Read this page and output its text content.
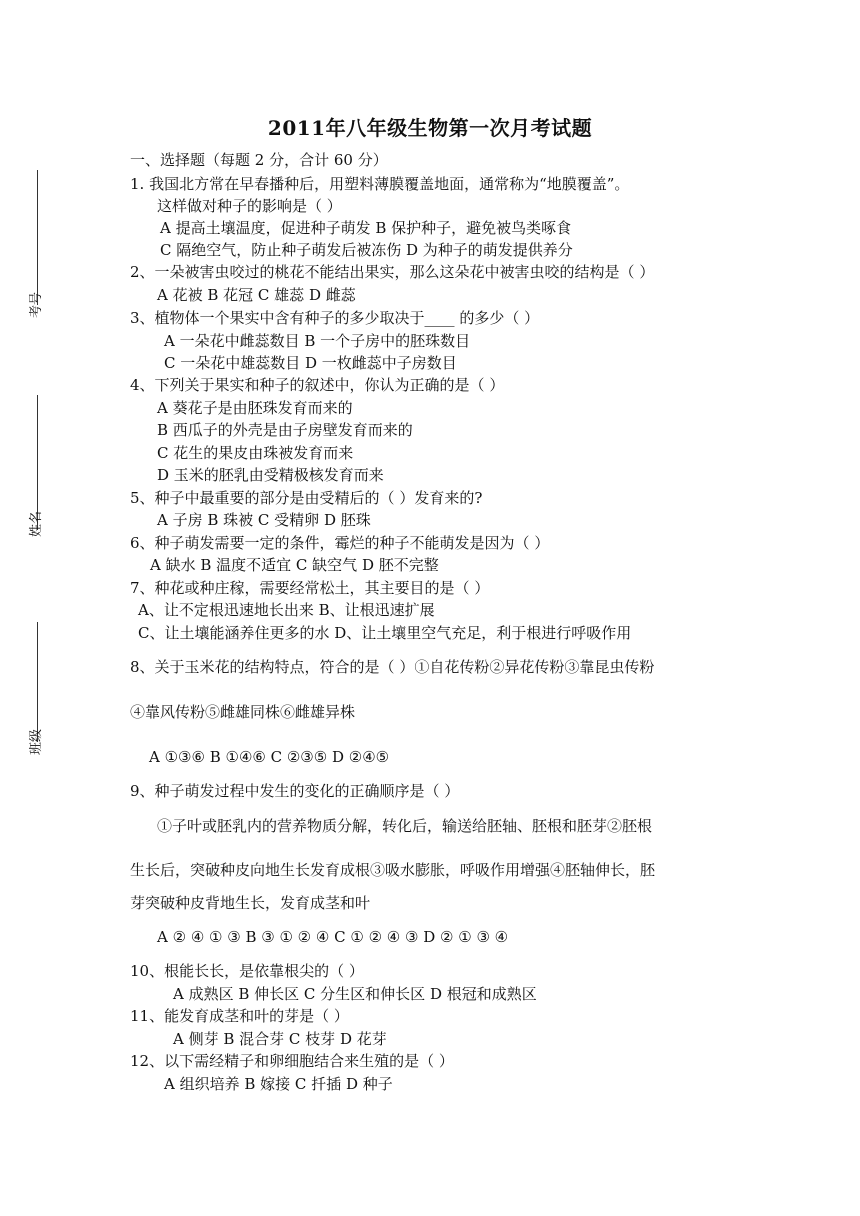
考号
姓名
班级
2011年八年级生物第一次月考试题
一、选择题（每题 2 分，合计 60 分）
1. 我国北方常在早春播种后，用塑料薄膜覆盖地面，通常称为“地膜覆盖”。
这样做对种子的影响是（ ）
A 提高土壤温度，促进种子萌发 B 保护种子，避免被鸟类啄食
C 隔绝空气，防止种子萌发后被冻伤 D 为种子的萌发提供养分
2、一朵被害虫咬过的桃花不能结出果实，那么这朵花中被害虫咬的结构是（ ）
A 花被 B 花冠 C 雄蕊 D 雌蕊
3、植物体一个果实中含有种子的多少取决于____ 的多少（ ）
A 一朵花中雌蕊数目 B 一个子房中的胚珠数目
C 一朵花中雄蕊数目 D 一枚雌蕊中子房数目
4、下列关于果实和种子的叙述中，你认为正确的是（ ）
A 葵花子是由胚珠发育而来的
B 西瓜子的外壳是由子房壁发育而来的
C 花生的果皮由珠被发育而来
D 玉米的胚乳由受精极核发育而来
5、种子中最重要的部分是由受精后的（ ）发育来的?
A 子房 B 珠被 C 受精卵 D 胚珠
6、种子萌发需要一定的条件，霉烂的种子不能萌发是因为（ ）
A 缺水 B 温度不适宜 C 缺空气 D 胚不完整
7、种花或种庄稼，需要经常松土，其主要目的是（ ）
A、让不定根迅速地长出来 B、让根迅速扩展
C、让土壤能涵养住更多的水 D、让土壤里空气充足，利于根进行呼吸作用
8、关于玉米花的结构特点，符合的是（ ）①自花传粉②异花传粉③靠昆虫传粉
④靠风传粉⑤雌雄同株⑥雌雄异株
A ①③⑥ B ①④⑥ C ②③⑤ D ②④⑤
9、种子萌发过程中发生的变化的正确顺序是（ ）
①子叶或胚乳内的营养物质分解，转化后，输送给胚轴、胚根和胚芽②胚根
生长后，突破种皮向地生长发育成根③吸水膨胀，呼吸作用增强④胚轴伸长，胚
芽突破种皮背地生长，发育成茎和叶
A ② ④ ① ③ B ③ ① ② ④ C ① ② ④ ③ D ② ① ③ ④
10、根能长长，是依靠根尖的（ ）
A 成熟区 B 伸长区 C 分生区和伸长区 D 根冠和成熟区
11、能发育成茎和叶的芽是（ ）
A 侧芽 B 混合芽 C 枝芽 D 花芽
12、以下需经精子和卵细胞结合来生殖的是（ ）
A 组织培养 B 嫁接 C 扦插 D 种子
